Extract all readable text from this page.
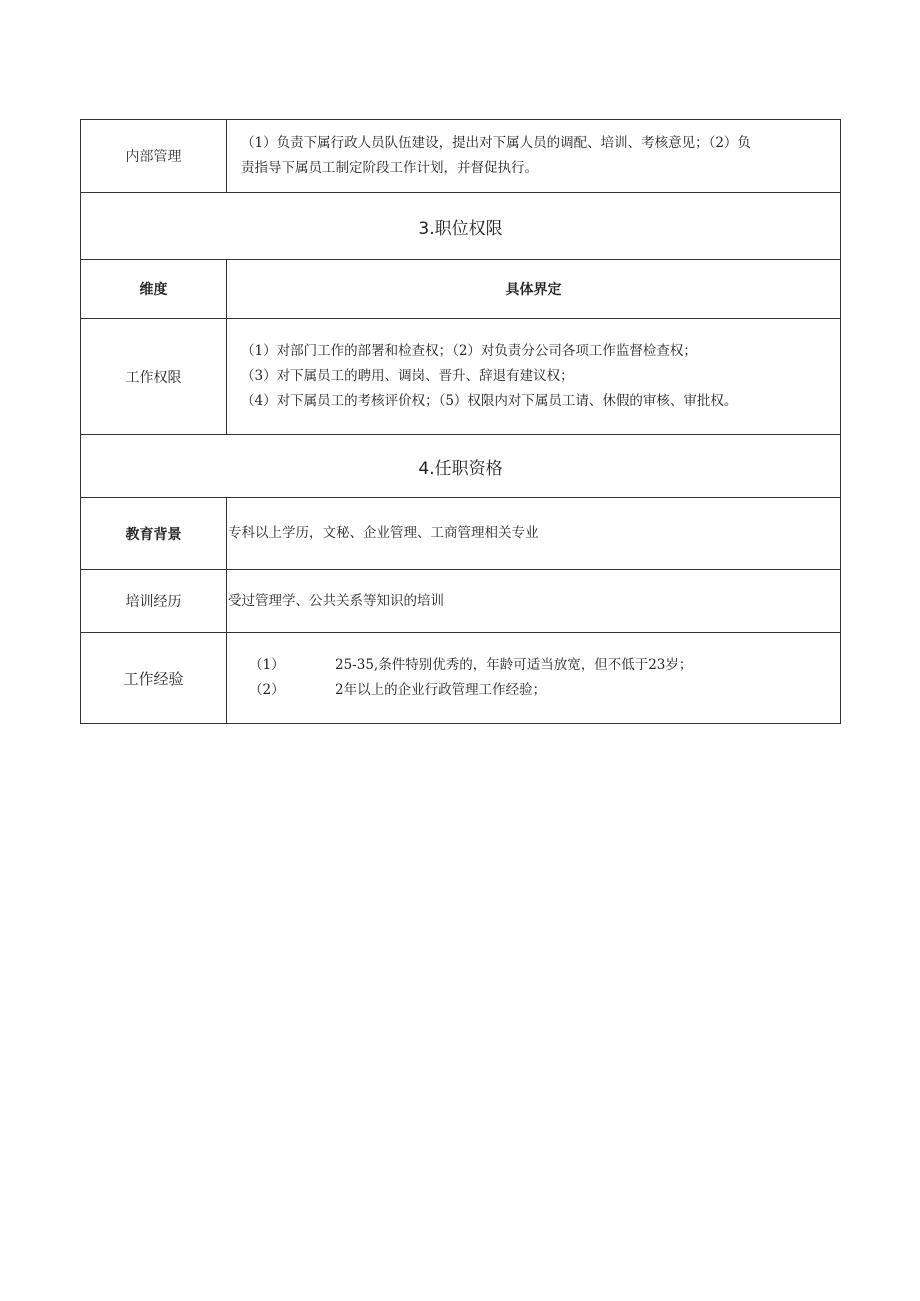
内部管理	（1）负责下属行政人员队伍建设，提出对下属人员的调配、培训、考核意见；（2）负
责指导下属员工制定阶段工作计划，并督促执行。

3.职位权限	
维度	具体界定
工作权限	（1）对部门工作的部署和检查权；（2）对负责分公司各项工作监督检查权；
（3）对下属员工的聘用、调岗、晋升、辞退有建议权；
（4）对下属员工的考核评价权；（5）权限内对下属员工请、休假的审核、审批权。

4.任职资格	
教育背景	专科以上学历，文秘、企业管理、工商管理相关专业
培训经历	受过管理学、公共关系等知识的培训
工作经验	（1） 25-35,条件特别优秀的，年龄可适当放宽，但不低于23岁；
（2） 2年以上的企业行政管理工作经验；
